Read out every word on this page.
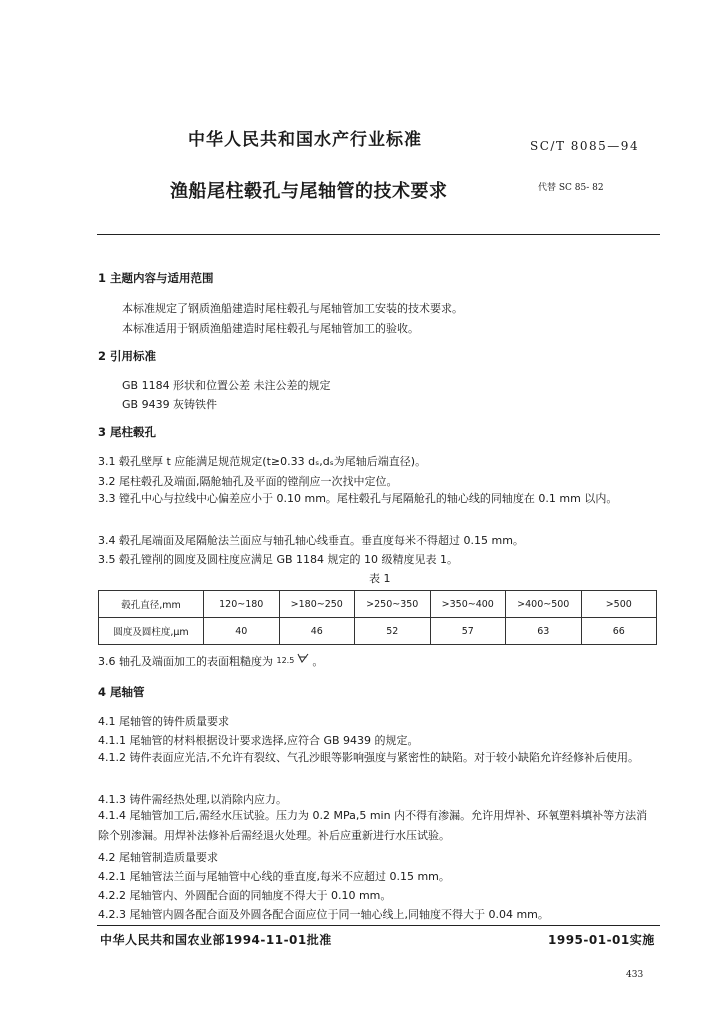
中华人民共和国水产行业标准	SC/T 8085—94
渔船尾柱毂孔与尾轴管的技术要求	代替 SC 85- 82
1 主题内容与适用范围
本标准规定了钢质渔船建造时尾柱毂孔与尾轴管加工安装的技术要求。
本标准适用于钢质渔船建造时尾柱毂孔与尾轴管加工的验收。
2 引用标准
GB 1184 形状和位置公差 未注公差的规定
GB 9439 灰铸铁件
3 尾柱毂孔
3.1 毂孔壁厚 t 应能满足规范规定(t≥0.33 dₛ,dₛ为尾轴后端直径)。
3.2 尾柱毂孔及端面,隔舱轴孔及平面的镗削应一次找中定位。
3.3 镗孔中心与拉线中心偏差应小于 0.10 mm。尾柱毂孔与尾隔舱孔的轴心线的同轴度在 0.1 mm 以内。
3.4 毂孔尾端面及尾隔舱法兰面应与轴孔轴心线垂直。垂直度每米不得超过 0.15 mm。
3.5 毂孔镗削的圆度及圆柱度应满足 GB 1184 规定的 10 级精度见表 1。
表 1
毂孔直径,mm	120~180	>180~250	>250~350	>350~400	>400~500	>500
圆度及圆柱度,μm	40	46	52	57	63	66
3.6 轴孔及端面加工的表面粗糙度为 12.5 。
4 尾轴管
4.1 尾轴管的铸件质量要求
4.1.1 尾轴管的材料根据设计要求选择,应符合 GB 9439 的规定。
4.1.2 铸件表面应光洁,不允许有裂纹、气孔沙眼等影响强度与紧密性的缺陷。对于较小缺陷允许经修补后使用。
4.1.3 铸件需经热处理,以消除内应力。
4.1.4 尾轴管加工后,需经水压试验。压力为 0.2 MPa,5 min 内不得有渗漏。允许用焊补、环氧塑料填补等方法消除个别渗漏。用焊补法修补后需经退火处理。补后应重新进行水压试验。
4.2 尾轴管制造质量要求
4.2.1 尾轴管法兰面与尾轴管中心线的垂直度,每米不应超过 0.15 mm。
4.2.2 尾轴管内、外圆配合面的同轴度不得大于 0.10 mm。
4.2.3 尾轴管内圆各配合面及外圆各配合面应位于同一轴心线上,同轴度不得大于 0.04 mm。
中华人民共和国农业部1994-11-01批准	1995-01-01实施
433
